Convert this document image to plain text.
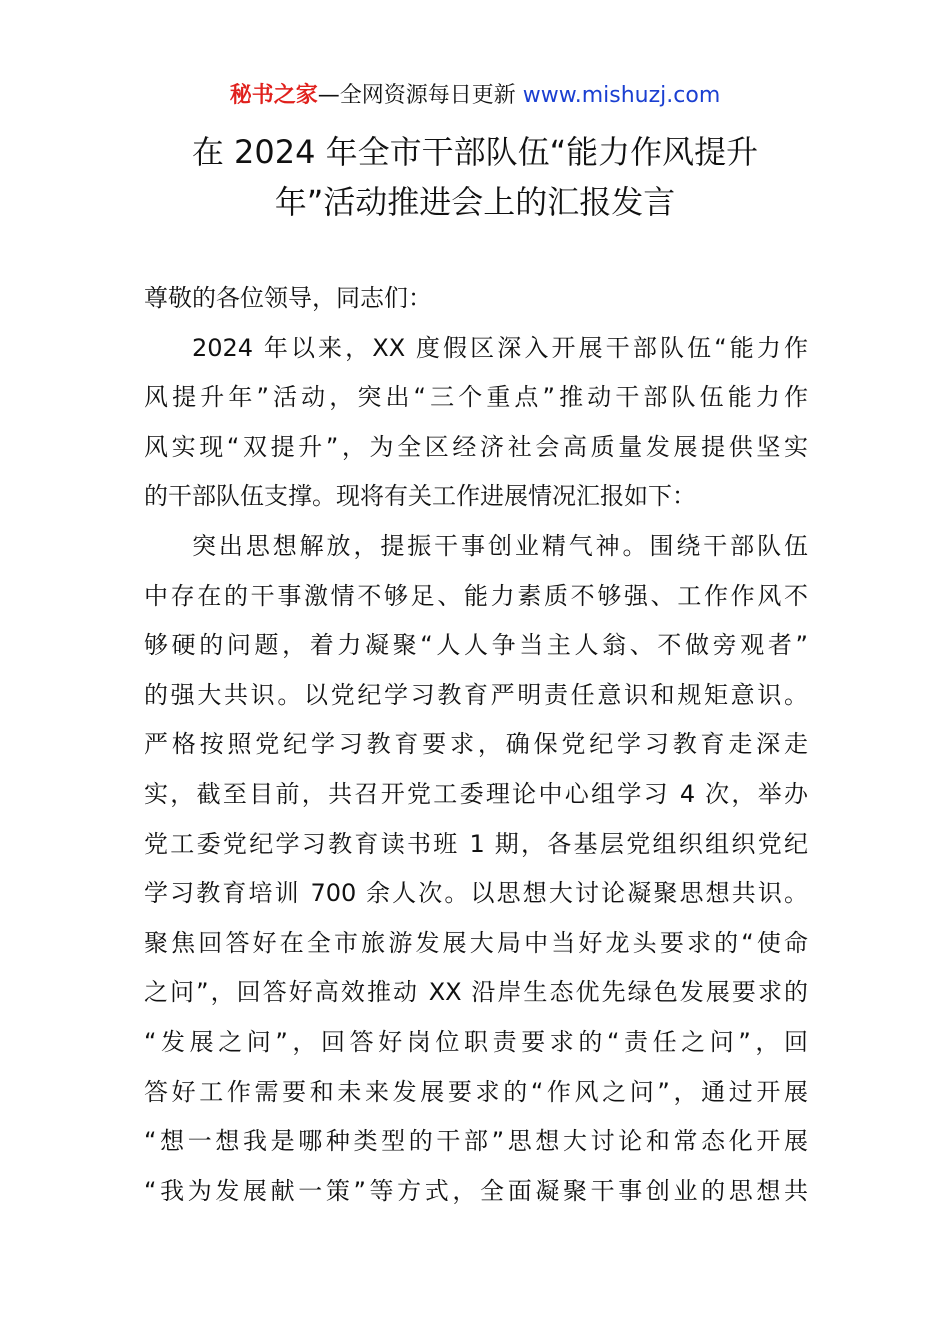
秘书之家—全网资源每日更新 www.mishuzj.com
在 2024 年全市干部队伍“能力作风提升
年”活动推进会上的汇报发言
尊敬的各位领导，同志们：
2024 年以来，XX 度假区深入开展干部队伍“能力作
风提升年”活动，突出“三个重点”推动干部队伍能力作
风实现“双提升”，为全区经济社会高质量发展提供坚实
的干部队伍支撑。现将有关工作进展情况汇报如下：
突出思想解放，提振干事创业精气神。围绕干部队伍
中存在的干事激情不够足、能力素质不够强、工作作风不
够硬的问题，着力凝聚“人人争当主人翁、不做旁观者”
的强大共识。以党纪学习教育严明责任意识和规矩意识。
严格按照党纪学习教育要求，确保党纪学习教育走深走
实，截至目前，共召开党工委理论中心组学习 4 次，举办
党工委党纪学习教育读书班 1 期，各基层党组织组织党纪
学习教育培训 700 余人次。以思想大讨论凝聚思想共识。
聚焦回答好在全市旅游发展大局中当好龙头要求的“使命
之问”，回答好高效推动 XX 沿岸生态优先绿色发展要求的
“发展之问”，回答好岗位职责要求的“责任之问”，回
答好工作需要和未来发展要求的“作风之问”，通过开展
“想一想我是哪种类型的干部”思想大讨论和常态化开展
“我为发展献一策”等方式，全面凝聚干事创业的思想共
